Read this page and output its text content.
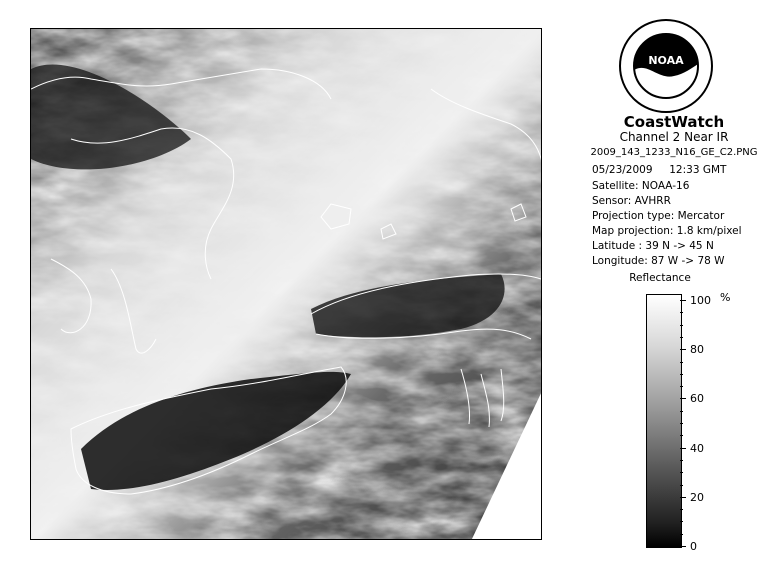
NOAA
CoastWatch
Channel 2 Near IR
2009_143_1233_N16_GE_C2.PNG
05/23/2009 12:33 GMT
Satellite: NOAA-16
Sensor: AVHRR
Projection type: Mercator
Map projection: 1.8 km/pixel
Latitude : 39 N -> 45 N
Longitude: 87 W -> 78 W
Reflectance
%
100
80
60
40
20
0
